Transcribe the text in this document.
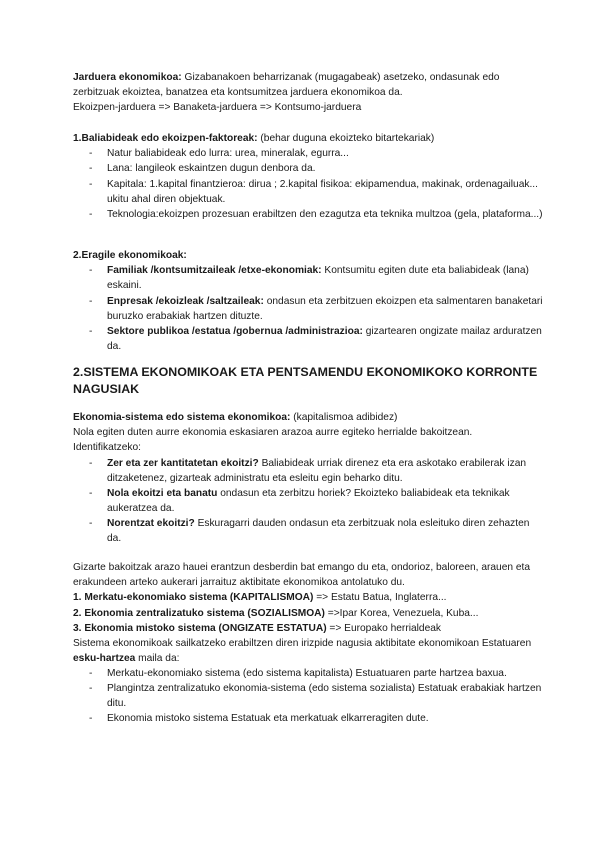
Jarduera ekonomikoa: Gizabanakoen beharrizanak (mugagabeak) asetzeko, ondasunak edo zerbitzuak ekoiztea, banatzea eta kontsumitzea jarduera ekonomikoa da.

Ekoizpen-jarduera => Banaketa-jarduera => Kontsumo-jarduera

1.Baliabideak edo ekoizpen-faktoreak: (behar duguna ekoizteko bitartekariak)

- Natur baliabideak edo lurra: urea, mineralak, egurra...
- Lana: langileok eskaintzen dugun denbora da.
- Kapitala: 1.kapital finantzieroa: dirua ; 2.kapital fisikoa: ekipamendua, makinak, ordenagailuak... ukitu ahal diren objektuak.
- Teknologia:ekoizpen prozesuan erabiltzen den ezagutza eta teknika multzoa (gela, plataforma...)

2.Eragile ekonomikoak:

- Familiak /kontsumitzaileak /etxe-ekonomiak: Kontsumitu egiten dute eta baliabideak (lana) eskaini.
- Enpresak /ekoizleak /saltzaileak: ondasun eta zerbitzuen ekoizpen eta salmentaren banaketari buruzko erabakiak hartzen dituzte.
- Sektore publikoa /estatua /gobernua /administrazioa: gizartearen ongizate mailaz arduratzen da.
2.SISTEMA EKONOMIKOAK ETA PENTSAMENDU EKONOMIKOKO KORRONTE NAGUSIAK

Ekonomia-sistema edo sistema ekonomikoa: (kapitalismoa adibidez)

Nola egiten duten aurre ekonomia eskasiaren arazoa aurre egiteko herrialde bakoitzean. Identifikatzeko:

- Zer eta zer kantitatetan ekoitzi? Baliabideak urriak direnez eta era askotako erabilerak izan ditzaketenez, gizarteak administratu eta esleitu egin beharko ditu.
- Nola ekoitzi eta banatu ondasun eta zerbitzu horiek? Ekoizteko baliabideak eta teknikak aukeratzea da.
- Norentzat ekoitzi? Eskuragarri dauden ondasun eta zerbitzuak nola esleituko diren zehazten da.

Gizarte bakoitzak arazo hauei erantzun desberdin bat emango du eta, ondorioz, baloreen, arauen eta erakundeen arteko aukerari jarraituz aktibitate ekonomikoa antolatuko du.

1. Merkatu-ekonomiako sistema (KAPITALISMOA) => Estatu Batua, Inglaterra...

2. Ekonomia zentralizatuko sistema (SOZIALISMOA) =>Ipar Korea, Venezuela, Kuba...

3. Ekonomia mistoko sistema (ONGIZATE ESTATUA) => Europako herrialdeak

Sistema ekonomikoak sailkatzeko erabiltzen diren irizpide nagusia aktibitate ekonomikoan Estatuaren esku-hartzea maila da:

- Merkatu-ekonomiako sistema (edo sistema kapitalista) Estuatuaren parte hartzea baxua.
- Plangintza zentralizatuko ekonomia-sistema (edo sistema sozialista) Estatuak erabakiak hartzen ditu.
- Ekonomia mistoko sistema Estatuak eta merkatuak elkarreragiten dute.
